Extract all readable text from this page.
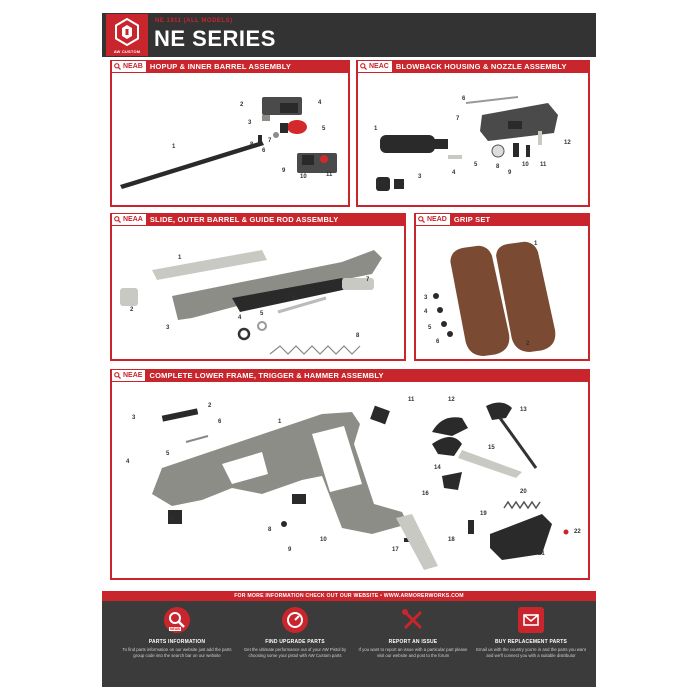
AW CUSTOM
NE 1911 (ALL MODELS)
NE SERIES
NEAB HOPUP & INNER BARREL ASSEMBLY
1
2
3
4
5
6
7
8
9
10	11
NEAC BLOWBACK HOUSING & NOZZLE ASSEMBLY
1
2
3
4
5
6
7
8
9
10 11
12
NEAA SLIDE, OUTER BARREL & GUIDE ROD ASSEMBLY
1
2
3
4
5
6
7
8
NEAD GRIP SET
1
2
3
4
5
6
NEAE COMPLETE LOWER FRAME, TRIGGER & HAMMER ASSEMBLY
1
2
3
4
5
6
7
8
9
10
11	12
13
14
15
16
17
18
19
20
21
22
FOR MORE INFORMATION CHECK OUT OUR WEBSITE • WWW.ARMORERWORKS.COM
NEAB
PARTS INFORMATION
To find parts information on our website just add the parts group code into the search bar on our website
FIND UPGRADE PARTS
Get the ultimate performance out of your AW Pistol by choosing some your pistol with AW Custom parts
REPORT AN ISSUE
If you want to report an issue with a particular part please visit our website and post to the forum
BUY REPLACEMENT PARTS
Email us with the country you're in and the parts you want and we'll connect you with a suitable distributor
